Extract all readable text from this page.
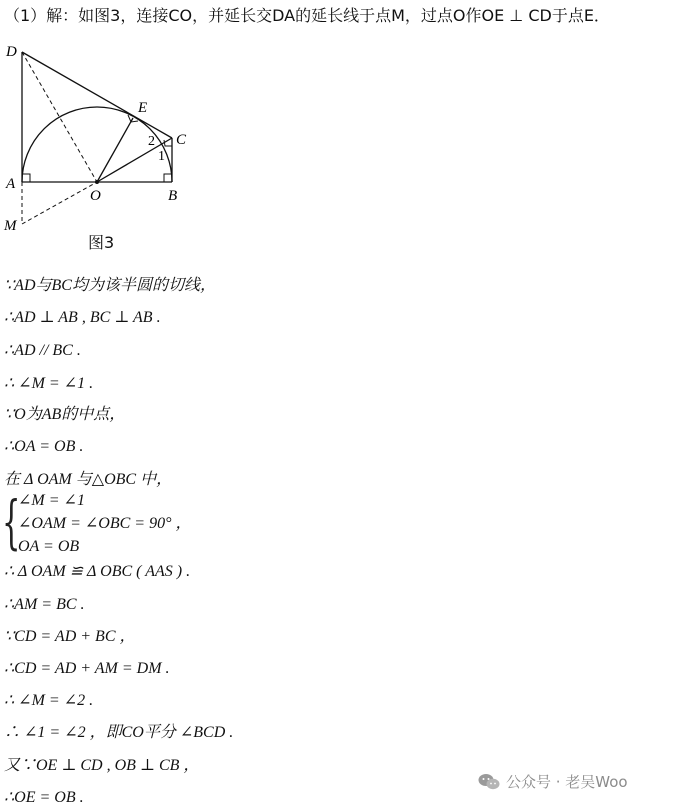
（1）解：如图3，连接CO，并延长交DA的延长线于点M，过点O作OE ⊥ CD于点E．
D
E
C
A
O	B
M
2
1
图3
∵AD与BC均为该半圆的切线，
∴AD ⊥ AB , BC ⊥ AB .
∴AD // BC .
∴ ∠M = ∠1 .
∵O为AB的中点，
∴OA = OB .
在 Δ OAM 与△OBC 中，
{
∠M = ∠1
∠OAM = ∠OBC = 90° ，
OA = OB
∴ Δ OAM ≌ Δ OBC ( AAS ) .
∴AM = BC .
∵CD = AD + BC ，
∴CD = AD + AM = DM .
∴ ∠M = ∠2 .
∴ ∠1 = ∠2 ，即CO平分 ∠BCD .
又∵OE ⊥ CD , OB ⊥ CB ，
∴OE = OB .
公众号 · 老吴Woo
